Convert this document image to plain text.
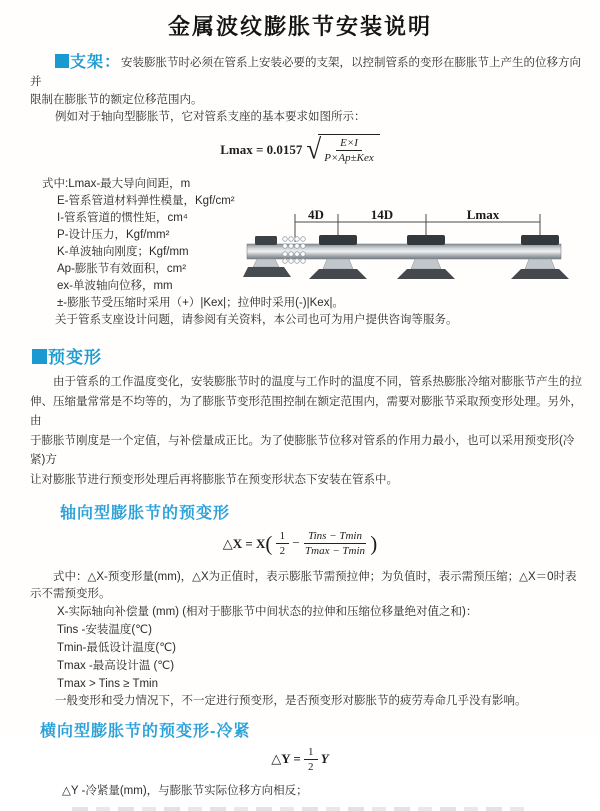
金属波纹膨胀节安装说明
支架：安装膨胀节时必须在管系上安装必要的支架，以控制管系的变形在膨胀节上产生的位移方向并
限制在膨胀节的额定位移范围内。
例如对于轴向型膨胀节，它对管系支座的基本要求如图所示：
Lmax = 0.0157 √ $\frac{E\times I}{\text{P×Ap±Kex}}$
式中:Lmax-最大导向间距，m
E-管系管道材料弹性模量，Kgf/cm²
I-管系管道的惯性矩，cm⁴
P-设计压力，Kgf/mm²
K-单波轴向刚度；Kgf/mm
Ap-膨胀节有效面积，cm²
ex-单波轴向位移，mm
±-膨胀节受压缩时采用（+）|Kex|；拉伸时采用(-)|Kex|。
关于管系支座设计问题，请参阅有关资料，本公司也可为用户提供咨询等服务。
4D	14D	Lmax
预变形
由于管系的工作温度变化，安装膨胀节时的温度与工作时的温度不同，管系热膨胀冷缩对膨胀节产生的拉
伸、压缩量常常是不均等的，为了膨胀节变形范围控制在额定范围内，需要对膨胀节采取预变形处理。另外，由
于膨胀节刚度是一个定值，与补偿量成正比。为了使膨胀节位移对管系的作用力最小，也可以采用预变形(冷紧)方
让对膨胀节进行预变形处理后再将膨胀节在预变形状态下安装在管系中。
轴向型膨胀节的预变形
△X = $X( \frac{1}{2} - \frac{\text{Tins − Tmin}}{Tmax - Tmin}$ )
式中：△X-预变形量(mm)，△X为正值时，表示膨胀节需预拉伸；为负值时，表示需预压缩；△X＝0时表
示不需预变形。
X-实际轴向补偿量 (mm) (相对于膨胀节中间状态的拉伸和压缩位移量绝对值之和)：
Tins -安装温度(℃)
Tmin-最低设计温度(℃)
Tmax -最高设计温 (℃)
Tmax > Tins ≥ Tmin
一般变形和受力情况下，不一定进行预变形，是否预变形对膨胀节的疲劳寿命几乎没有影响。
横向型膨胀节的预变形-冷紧
△Y = $\frac{1}{2}$ Y
△Y -冷紧量(mm)，与膨胀节实际位移方向相反；
